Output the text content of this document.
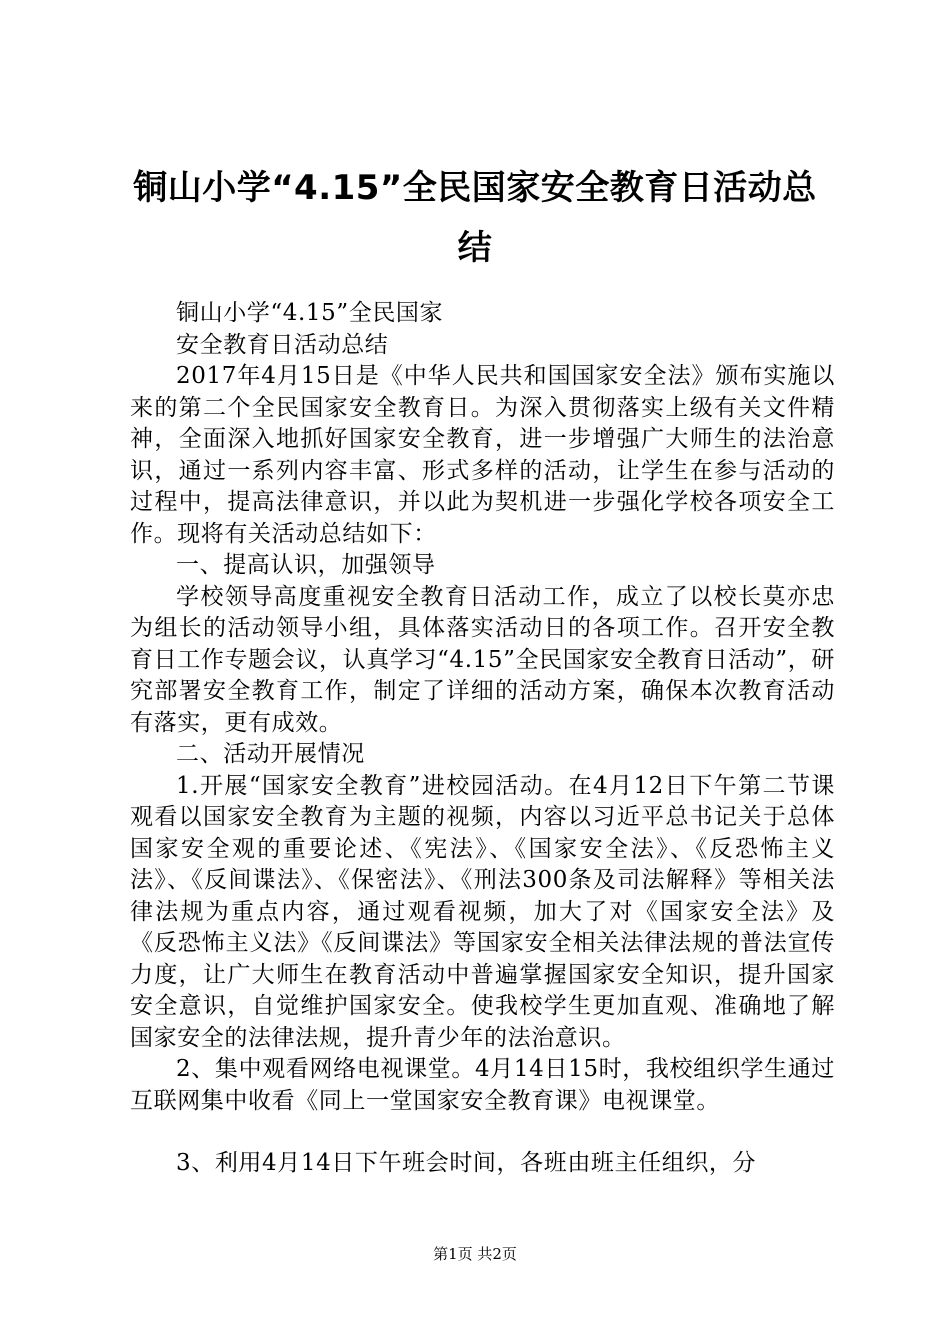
铜山小学“4.15”全民国家安全教育日活动总结

铜山小学“4.15”全民国家

安全教育日活动总结

2017年4月15日是《中华人民共和国国家安全法》颁布实施以来的第二个全民国家安全教育日。为深入贯彻落实上级有关文件精神，全面深入地抓好国家安全教育，进一步增强广大师生的法治意识，通过一系列内容丰富、形式多样的活动，让学生在参与活动的过程中，提高法律意识，并以此为契机进一步强化学校各项安全工作。现将有关活动总结如下：

一、提高认识，加强领导

学校领导高度重视安全教育日活动工作，成立了以校长莫亦忠为组长的活动领导小组，具体落实活动日的各项工作。召开安全教育日工作专题会议，认真学习“4.15”全民国家安全教育日活动”，研究部署安全教育工作，制定了详细的活动方案，确保本次教育活动有落实，更有成效。

二、活动开展情况

1.开展“国家安全教育”进校园活动。在4月12日下午第二节课观看以国家安全教育为主题的视频，内容以习近平总书记关于总体国家安全观的重要论述、《宪法》、《国家安全法》、《反恐怖主义法》、《反间谍法》、《保密法》、《刑法300条及司法解释》等相关法律法规为重点内容，通过观看视频，加大了对《国家安全法》及《反恐怖主义法》《反间谍法》等国家安全相关法律法规的普法宣传力度，让广大师生在教育活动中普遍掌握国家安全知识，提升国家安全意识，自觉维护国家安全。使我校学生更加直观、准确地了解国家安全的法律法规，提升青少年的法治意识。

2、集中观看网络电视课堂。4月14日15时，我校组织学生通过互联网集中收看《同上一堂国家安全教育课》电视课堂。

3、利用4月14日下午班会时间，各班由班主任组织，分

第1页 共2页
